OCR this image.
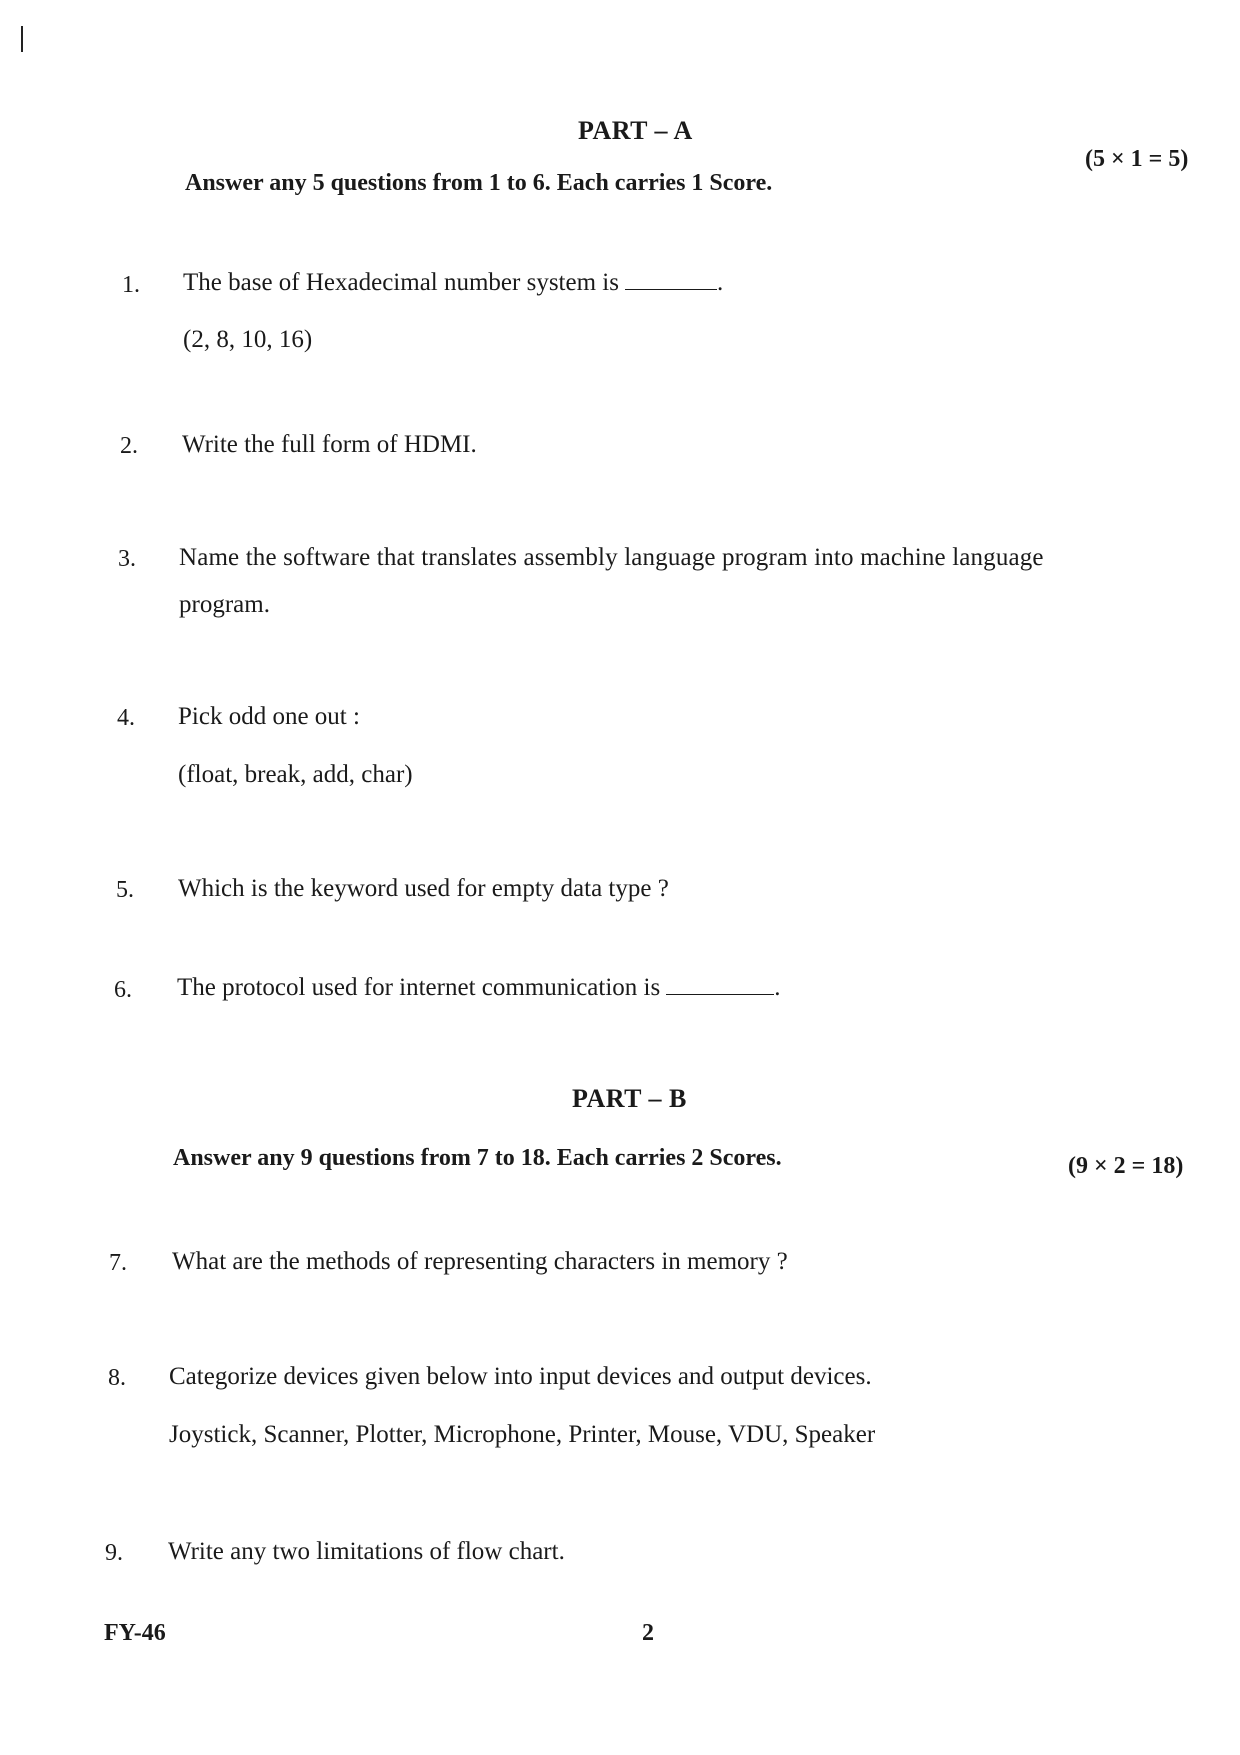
PART – A
Answer any 5 questions from 1 to 6. Each carries 1 Score.
(5 × 1 = 5)
1. The base of Hexadecimal number system is	.
(2, 8, 10, 16)
2. Write the full form of HDMI.
3. Name the software that translates assembly language program into machine language
program.
4. Pick odd one out :
(float, break, add, char)
5. Which is the keyword used for empty data type ?
6. The protocol used for internet communication is	.
PART – B
Answer any 9 questions from 7 to 18. Each carries 2 Scores.	(9 × 2 = 18)
7. What are the methods of representing characters in memory ?
8. Categorize devices given below into input devices and output devices.
Joystick, Scanner, Plotter, Microphone, Printer, Mouse, VDU, Speaker
9. Write any two limitations of flow chart.
FY-46	2
